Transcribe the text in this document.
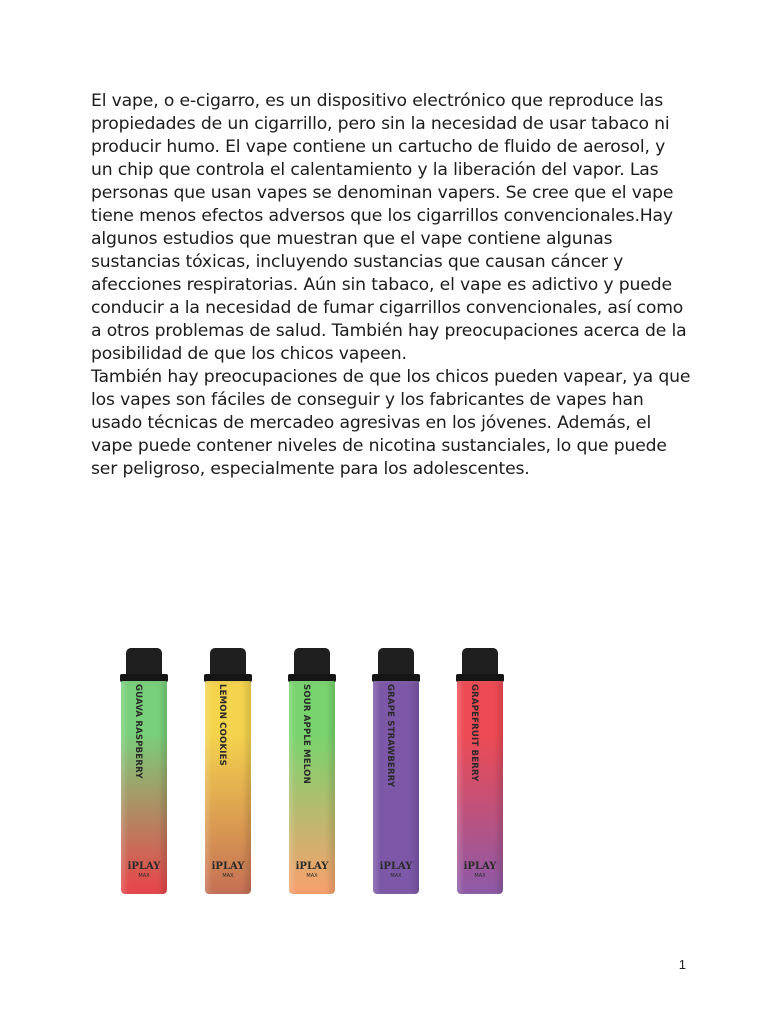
El vape, o e-cigarro, es un dispositivo electrónico que reproduce las propiedades de un cigarrillo, pero sin la necesidad de usar tabaco ni producir humo. El vape contiene un cartucho de fluido de aerosol, y un chip que controla el calentamiento y la liberación del vapor. Las personas que usan vapes se denominan vapers. Se cree que el vape tiene menos efectos adversos que los cigarrillos convencionales.Hay algunos estudios que muestran que el vape contiene algunas sustancias tóxicas, incluyendo sustancias que causan cáncer y afecciones respiratorias. Aún sin tabaco, el vape es adictivo y puede conducir a la necesidad de fumar cigarrillos convencionales, así como a otros problemas de salud. También hay preocupaciones acerca de la posibilidad de que los chicos vapeen.

También hay preocupaciones de que los chicos pueden vapear, ya que los vapes son fáciles de conseguir y los fabricantes de vapes han usado técnicas de mercadeo agresivas en los jóvenes. Además, el vape puede contener niveles de nicotina sustanciales, lo que puede ser peligroso, especialmente para los adolescentes.

GUAVA RASPBERRY
iPLAY
MAX
LEMON COOKIES
iPLAY
MAX
SOUR APPLE MELON
iPLAY
MAX
GRAPE STRAWBERRY
iPLAY
MAX
GRAPEFRUIT BERRY
iPLAY
MAX
1
